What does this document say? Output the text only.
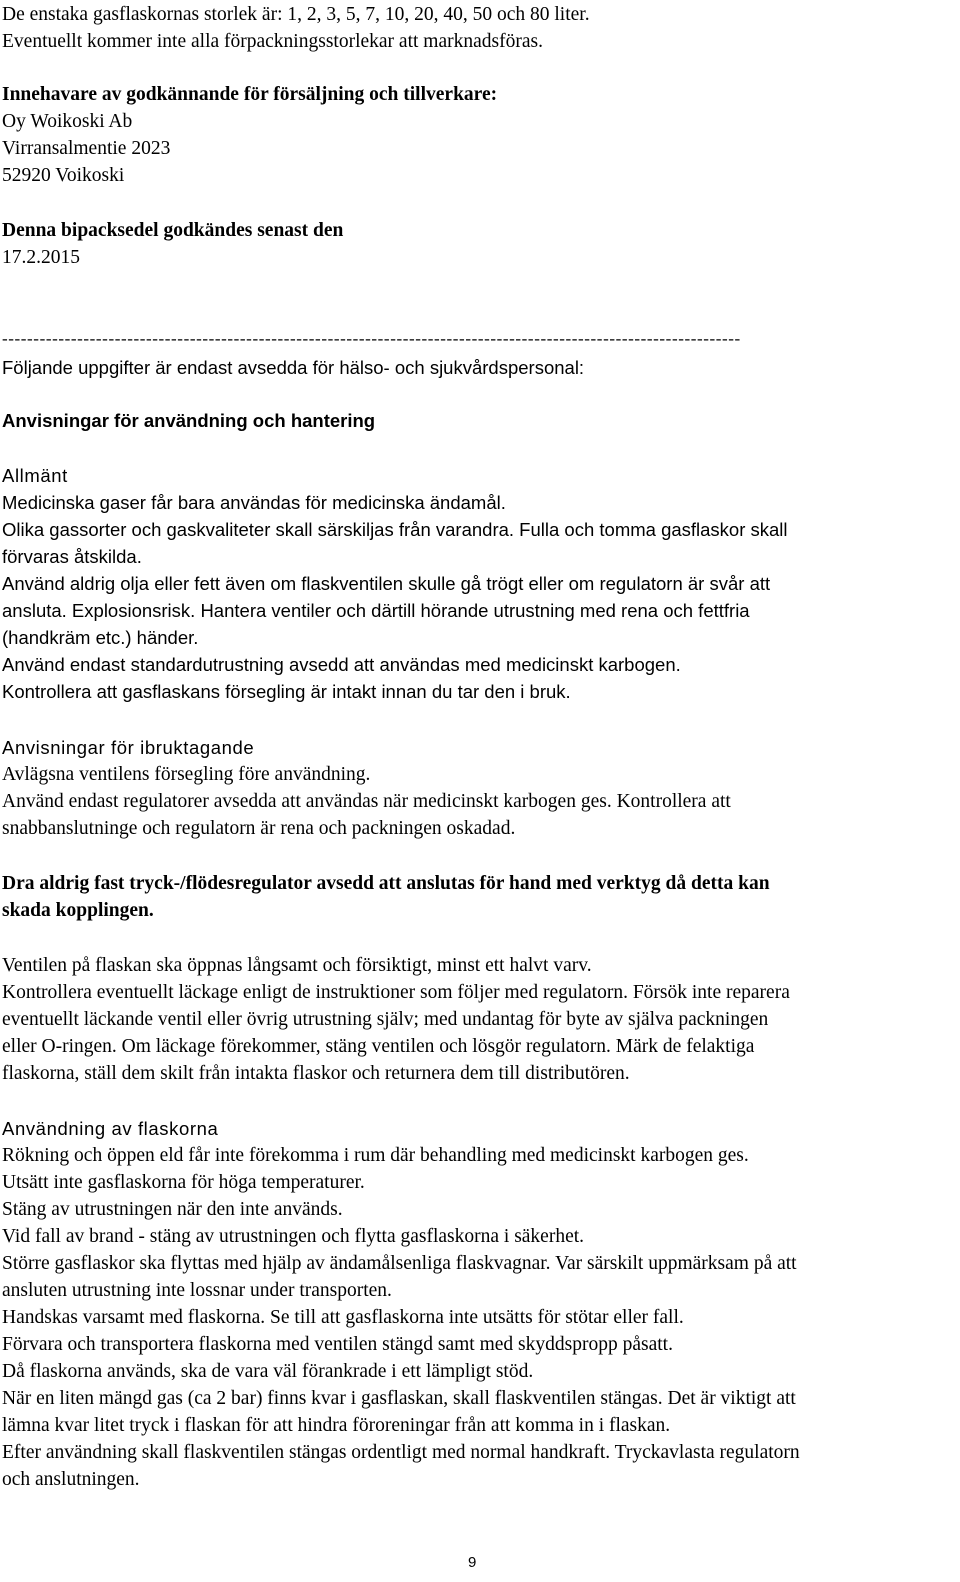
De enstaka gasflaskornas storlek är: 1, 2, 3, 5, 7, 10, 20, 40, 50 och 80 liter.
Eventuellt kommer inte alla förpackningsstorlekar att marknadsföras.
Innehavare av godkännande för försäljning och tillverkare:
Oy Woikoski Ab
Virransalmentie 2023
52920 Voikoski
Denna bipacksedel godkändes senast den
17.2.2015
----------------------------------------------------------------------------------------------------------------------
Följande uppgifter är endast avsedda för hälso- och sjukvårdspersonal:
Anvisningar för användning och hantering
Allmänt
Medicinska gaser får bara användas för medicinska ändamål.
Olika gassorter och gaskvaliteter skall särskiljas från varandra. Fulla och tomma gasflaskor skall
förvaras åtskilda.
Använd aldrig olja eller fett även om flaskventilen skulle gå trögt eller om regulatorn är svår att
ansluta. Explosionsrisk. Hantera ventiler och därtill hörande utrustning med rena och fettfria
(handkräm etc.) händer.
Använd endast standardutrustning avsedd att användas med medicinskt karbogen.
Kontrollera att gasflaskans försegling är intakt innan du tar den i bruk.
Anvisningar för ibruktagande
Avlägsna ventilens försegling före användning.
Använd endast regulatorer avsedda att användas när medicinskt karbogen ges. Kontrollera att
snabbanslutninge och regulatorn är rena och packningen oskadad.
Dra aldrig fast tryck-/flödesregulator avsedd att anslutas för hand med verktyg då detta kan
skada kopplingen.
Ventilen på flaskan ska öppnas långsamt och försiktigt, minst ett halvt varv.
Kontrollera eventuellt läckage enligt de instruktioner som följer med regulatorn. Försök inte reparera
eventuellt läckande ventil eller övrig utrustning själv; med undantag för byte av själva packningen
eller O-ringen. Om läckage förekommer, stäng ventilen och lösgör regulatorn. Märk de felaktiga
flaskorna, ställ dem skilt från intakta flaskor och returnera dem till distributören.
Användning av flaskorna
Rökning och öppen eld får inte förekomma i rum där behandling med medicinskt karbogen ges.
Utsätt inte gasflaskorna för höga temperaturer.
Stäng av utrustningen när den inte används.
Vid fall av brand - stäng av utrustningen och flytta gasflaskorna i säkerhet.
Större gasflaskor ska flyttas med hjälp av ändamålsenliga flaskvagnar. Var särskilt uppmärksam på att
ansluten utrustning inte lossnar under transporten.
Handskas varsamt med flaskorna. Se till att gasflaskorna inte utsätts för stötar eller fall.
Förvara och transportera flaskorna med ventilen stängd samt med skyddspropp påsatt.
Då flaskorna används, ska de vara väl förankrade i ett lämpligt stöd.
När en liten mängd gas (ca 2 bar) finns kvar i gasflaskan, skall flaskventilen stängas. Det är viktigt att
lämna kvar litet tryck i flaskan för att hindra föroreningar från att komma in i flaskan.
Efter användning skall flaskventilen stängas ordentligt med normal handkraft. Tryckavlasta regulatorn
och anslutningen.
9
